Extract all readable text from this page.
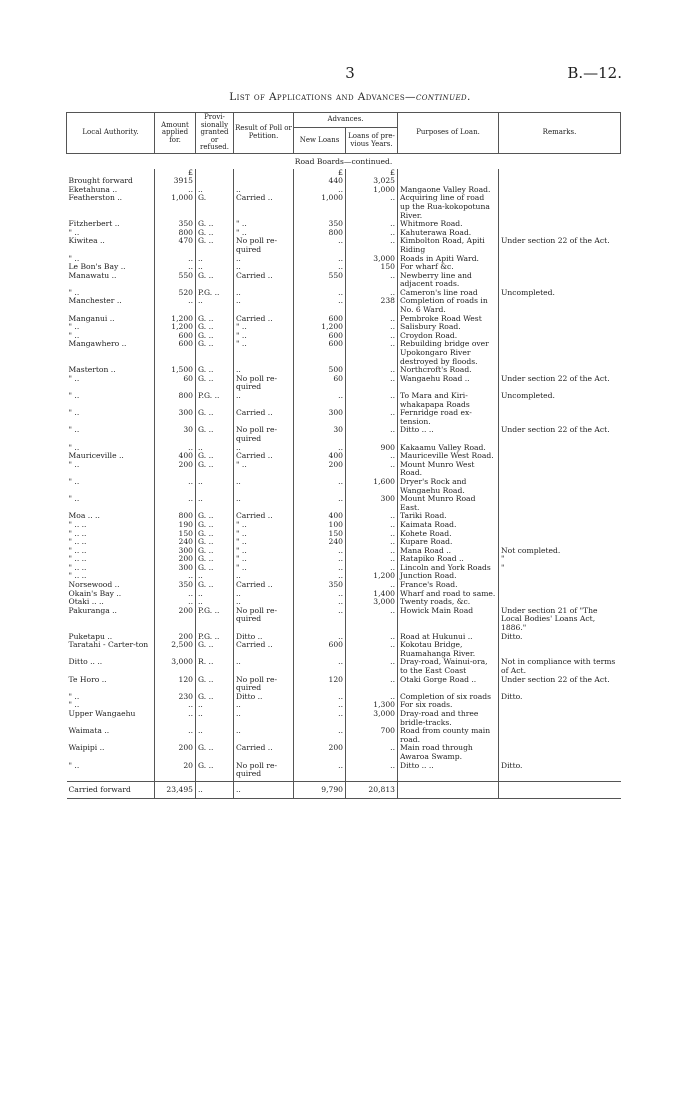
3	B.—12.
List of Applications and Advances—continued.
Local Authority.	Amount applied for.	Provi- sionally granted or refused.	Result of Poll or Petition.	Advances.		Purposes of Loan.	Remarks.
				New Loans	Loans of pre- vious Years.		
Road Boards—continued.							
	£			£	£		
Brought forward	3915			440	3,025		
Eketahuna ..	..	..	..	..	1,000	Mangaone Valley Road.	
Featherston ..	1,000	G.	Carried ..	1,000	..	Acquiring line of road up the Rua-kokopotuna River.	
Fitzherbert ..	350	G. ..	" ..	350	..	Whitmore Road.	
" ..	800	G. ..	" ..	800	..	Kahuterawa Road.	
Kiwitea ..	470	G. ..	No poll re-quired	..	..	Kimbolton Road, Apiti Riding	Under section 22 of the Act.
" ..	..	..	..	..	3,000	Roads in Apiti Ward.	
Le Bon's Bay ..	..	..	..	..	150	For wharf &c.	
Manawatu ..	550	G. ..	Carried ..	550	..	Newberry line and adjacent roads.	
" ..	520	P.G. ..	..	..	..	Cameron's line road	Uncompleted.
Manchester ..	..	..	..	..	238	Completion of roads in No. 6 Ward.	
Manganui ..	1,200	G. ..	Carried ..	600	..	Pembroke Road West	
" ..	1,200	G. ..	" ..	1,200	..	Salisbury Road.	
" ..	600	G. ..	" ..	600	..	Croydon Road.	
Mangawhero ..	600	G. ..	" ..	600	..	Rebuilding bridge over Upokongaro River destroyed by floods.	
Masterton ..	1,500	G. ..	..	500	..	Northcroft's Road.	
" ..	60	G. ..	No poll re-quired	60	..	Wangaehu Road ..	Under section 22 of the Act.
" ..	800	P.G. ..	..	..	..	To Mara and Kiri-whakapapa Roads	Uncompleted.
" ..	300	G. ..	Carried ..	300	..	Fernridge road ex-tension.	
" ..	30	G. ..	No poll re-quired	30	..	Ditto .. ..	Under section 22 of the Act.
" ..	..	..	..	..	900	Kakaamu Valley Road.	
Mauriceville ..	400	G. ..	Carried ..	400	..	Mauriceville West Road.	
" ..	200	G. ..	" ..	200	..	Mount Munro West Road.	
" ..	..	..	..	..	1,600	Dryer's Rock and Wangaehu Road.	
" ..	..	..	..	..	300	Mount Munro Road East.	
Moa .. ..	800	G. ..	Carried ..	400	..	Tariki Road.	
" .. ..	190	G. ..	" ..	100	..	Kaimata Road.	
" .. ..	150	G. ..	" ..	150	..	Kohete Road.	
" .. ..	240	G. ..	" ..	240	..	Kupare Road.	
" .. ..	300	G. ..	" ..	..	..	Mana Road ..	Not completed.
" .. ..	200	G. ..	" ..	..	..	Ratapiko Road ..	"
" .. ..	300	G. ..	" ..	..	..	Lincoln and York Roads	"
" .. ..	..	..	..	..	1,200	Junction Road.	
Norsewood ..	350	G. ..	Carried ..	350	..	France's Road.	
Okain's Bay ..	..	..	..	..	1,400	Wharf and road to same.	
Otaki .. ..	..	..	..	..	3,000	Twenty roads, &c.	
Pakuranga ..	200	P.G. ..	No poll re-quired	..	..	Howick Main Road	Under section 21 of "The Local Bodies' Loans Act, 1886."
Puketapu ..	200	P.G. ..	Ditto ..	..	..	Road at Hukunui ..	Ditto.
Taratahi - Carter-ton	2,500	G. ..	Carried ..	600	..	Kokotau Bridge, Ruamahanga River.	
Ditto .. ..	3,000	R. ..	..	..	..	Dray-road, Wainui-ora, to the East Coast	Not in compliance with terms of Act.
Te Horo ..	120	G. ..	No poll re-quired	120	..	Otaki Gorge Road ..	Under section 22 of the Act.
" ..	230	G. ..	Ditto ..	..	..	Completion of six roads	Ditto.
" ..	..	..	..	..	1,300	For six roads.	
Upper Wangaehu	..	..	..	..	3,000	Dray-road and three bridle-tracks.	
Waimata ..	..	..	..	..	700	Road from county main road.	
Waipipi ..	200	G. ..	Carried ..	200	..	Main road through Awaroa Swamp.	
" ..	20	G. ..	No poll re-quired	..	..	Ditto .. ..	Ditto.

Carried forward	23,495	..	..	9,790	20,813		
